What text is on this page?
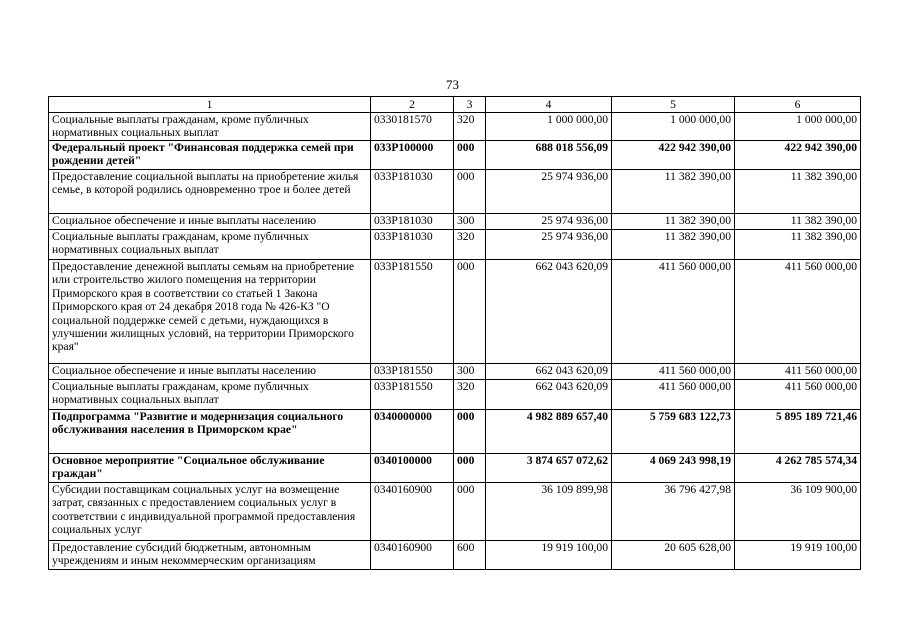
73
1	2	3	4	5	6
Социальные выплаты гражданам, кроме публичных нормативных социальных выплат	0330181570	320	1 000 000,00	1 000 000,00	1 000 000,00
Федеральный проект "Финансовая поддержка семей при рождении детей"	033P100000	000	688 018 556,09	422 942 390,00	422 942 390,00
Предоставление социальной выплаты на приобретение жилья семье, в которой родились одновременно трое и более детей	033P181030	000	25 974 936,00	11 382 390,00	11 382 390,00
Социальное обеспечение и иные выплаты населению	033P181030	300	25 974 936,00	11 382 390,00	11 382 390,00
Социальные выплаты гражданам, кроме публичных нормативных социальных выплат	033P181030	320	25 974 936,00	11 382 390,00	11 382 390,00
Предоставление денежной выплаты семьям на приобретение или строительство жилого помещения на территории Приморского края в соответствии со статьей 1 Закона Приморского края от 24 декабря 2018 года № 426-КЗ "О социальной поддержке семей с детьми, нуждающихся в улучшении жилищных условий, на территории Приморского края"	033P181550	000	662 043 620,09	411 560 000,00	411 560 000,00
Социальное обеспечение и иные выплаты населению	033P181550	300	662 043 620,09	411 560 000,00	411 560 000,00
Социальные выплаты гражданам, кроме публичных нормативных социальных выплат	033P181550	320	662 043 620,09	411 560 000,00	411 560 000,00
Подпрограмма "Развитие и модернизация социального обслуживания населения в Приморском крае"	0340000000	000	4 982 889 657,40	5 759 683 122,73	5 895 189 721,46
Основное мероприятие "Социальное обслуживание граждан"	0340100000	000	3 874 657 072,62	4 069 243 998,19	4 262 785 574,34
Субсидии поставщикам социальных услуг на возмещение затрат, связанных с предоставлением социальных услуг в соответствии с индивидуальной программой предоставления социальных услуг	0340160900	000	36 109 899,98	36 796 427,98	36 109 900,00
Предоставление субсидий бюджетным, автономным учреждениям и иным некоммерческим организациям	0340160900	600	19 919 100,00	20 605 628,00	19 919 100,00
